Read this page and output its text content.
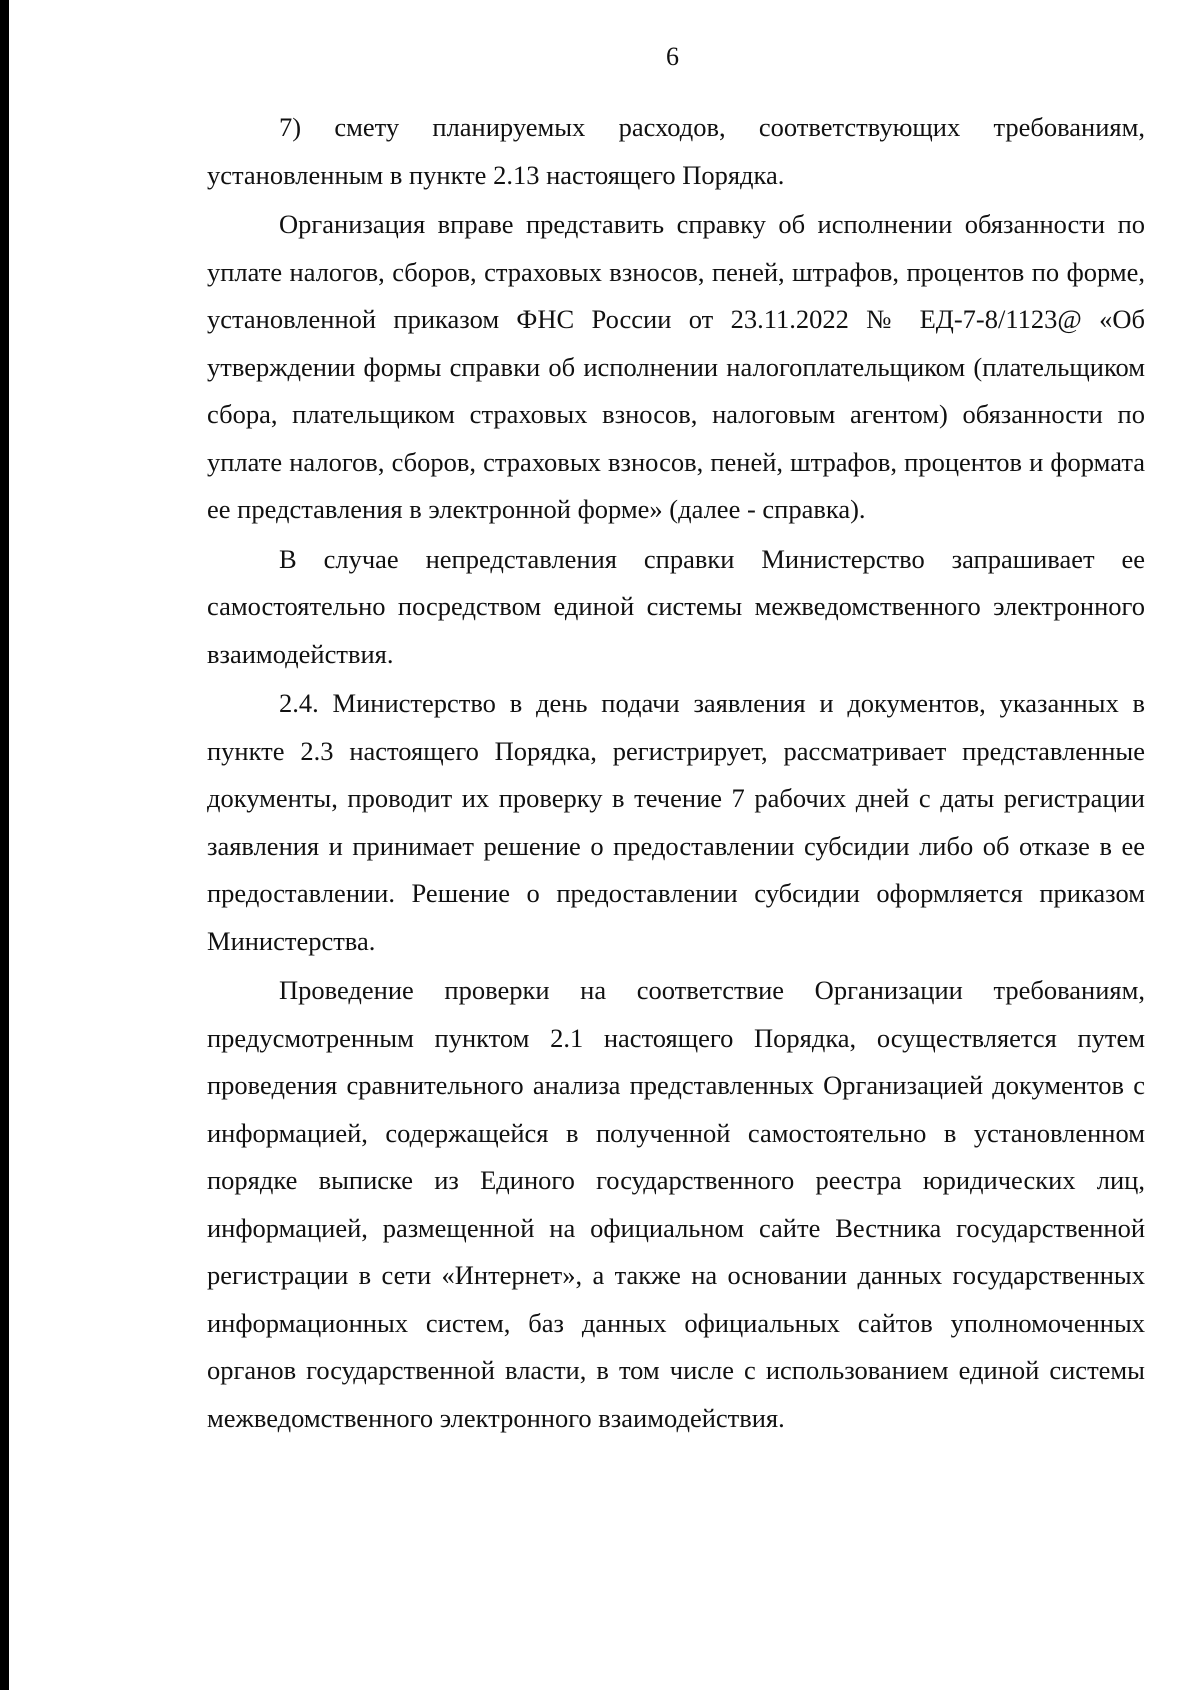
6

7) смету планируемых расходов, соответствующих требованиям, установленным в пункте 2.13 настоящего Порядка.

Организация вправе представить справку об исполнении обязанности по уплате налогов, сборов, страховых взносов, пеней, штрафов, процентов по форме, установленной приказом ФНС России от 23.11.2022 № ЕД-7-8/1123@ «Об утверждении формы справки об исполнении налогоплательщиком (плательщиком сбора, плательщиком страховых взносов, налоговым агентом) обязанности по уплате налогов, сборов, страховых взносов, пеней, штрафов, процентов и формата ее представления в электронной форме» (далее - справка).

В случае непредставления справки Министерство запрашивает ее самостоятельно посредством единой системы межведомственного электронного взаимодействия.

2.4. Министерство в день подачи заявления и документов, указанных в пункте 2.3 настоящего Порядка, регистрирует, рассматривает представленные документы, проводит их проверку в течение 7 рабочих дней с даты регистрации заявления и принимает решение о предоставлении субсидии либо об отказе в ее предоставлении. Решение о предоставлении субсидии оформляется приказом Министерства.

Проведение проверки на соответствие Организации требованиям, предусмотренным пунктом 2.1 настоящего Порядка, осуществляется путем проведения сравнительного анализа представленных Организацией документов с информацией, содержащейся в полученной самостоятельно в установленном порядке выписке из Единого государственного реестра юридических лиц, информацией, размещенной на официальном сайте Вестника государственной регистрации в сети «Интернет», а также на основании данных государственных информационных систем, баз данных официальных сайтов уполномоченных органов государственной власти, в том числе с использованием единой системы межведомственного электронного взаимодействия.
